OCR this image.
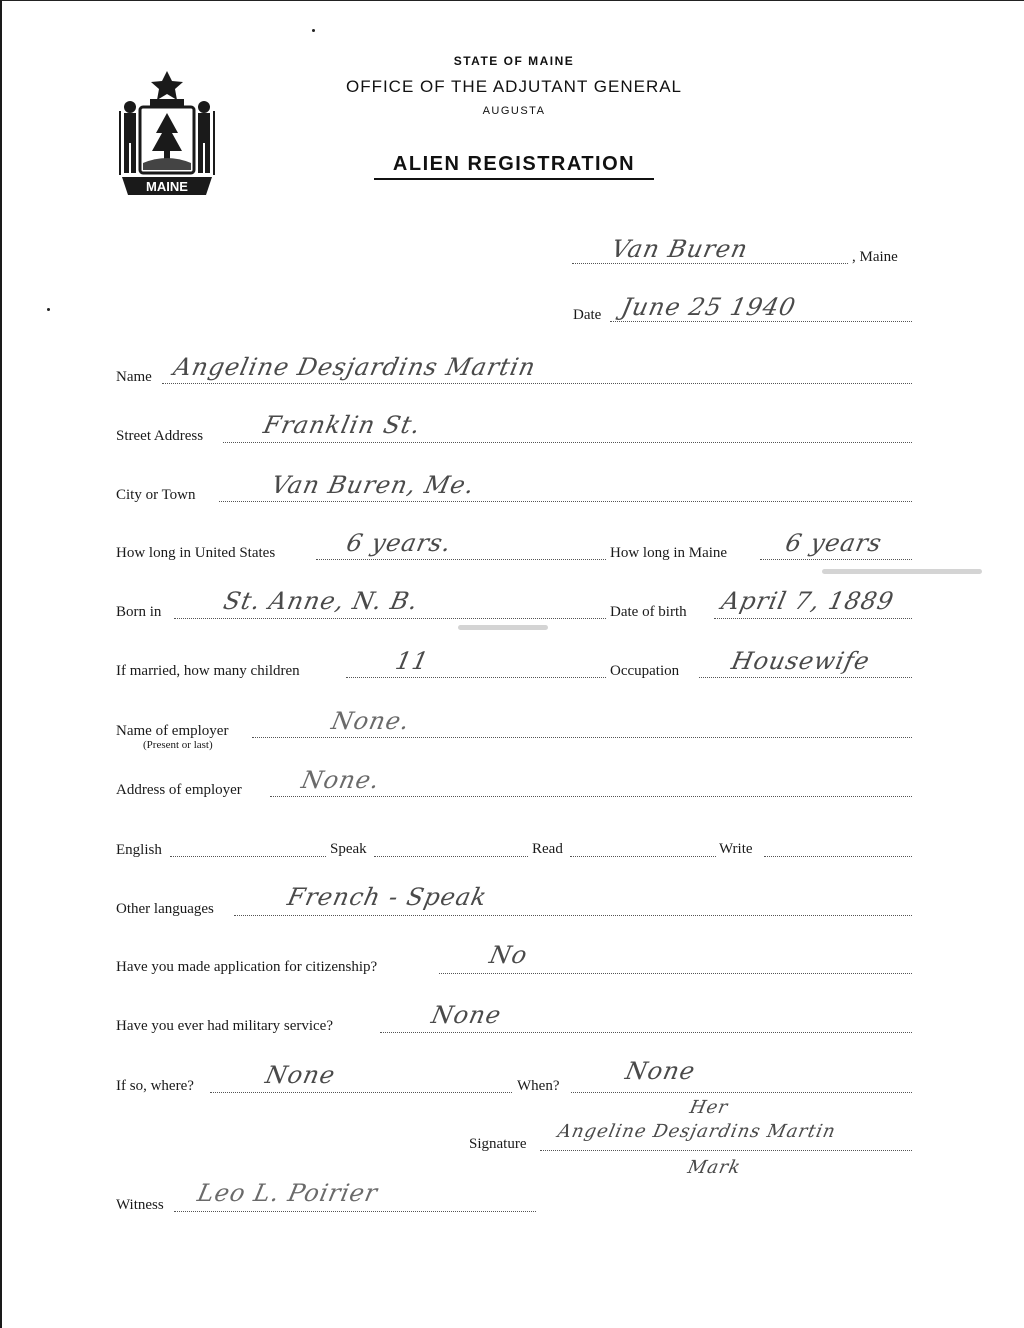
MAINE
STATE OF MAINE
OFFICE OF THE ADJUTANT GENERAL
AUGUSTA
ALIEN REGISTRATION
Van Buren	, Maine
Date June 25 1940
Name Angeline Desjardins Martin
Street Address Franklin St.
City or Town	Van Buren, Me.
How long in United States	6 years.	How long in Maine 6 years
Born in St. Anne, N. B.	Date of birth April 7, 1889
If married, how many children	11	Occupation Housewife
Name of employer
(Present or last)
None.
Address of employer None.
English	Speak	Read	Write
Other languages	French - Speak
Have you made application for citizenship?	No
Have you ever had military service?	None
If so, where?	None	When?
None
Signature
Angeline Desjardins Martin
Her
Mark
Witness Leo L. Poirier
